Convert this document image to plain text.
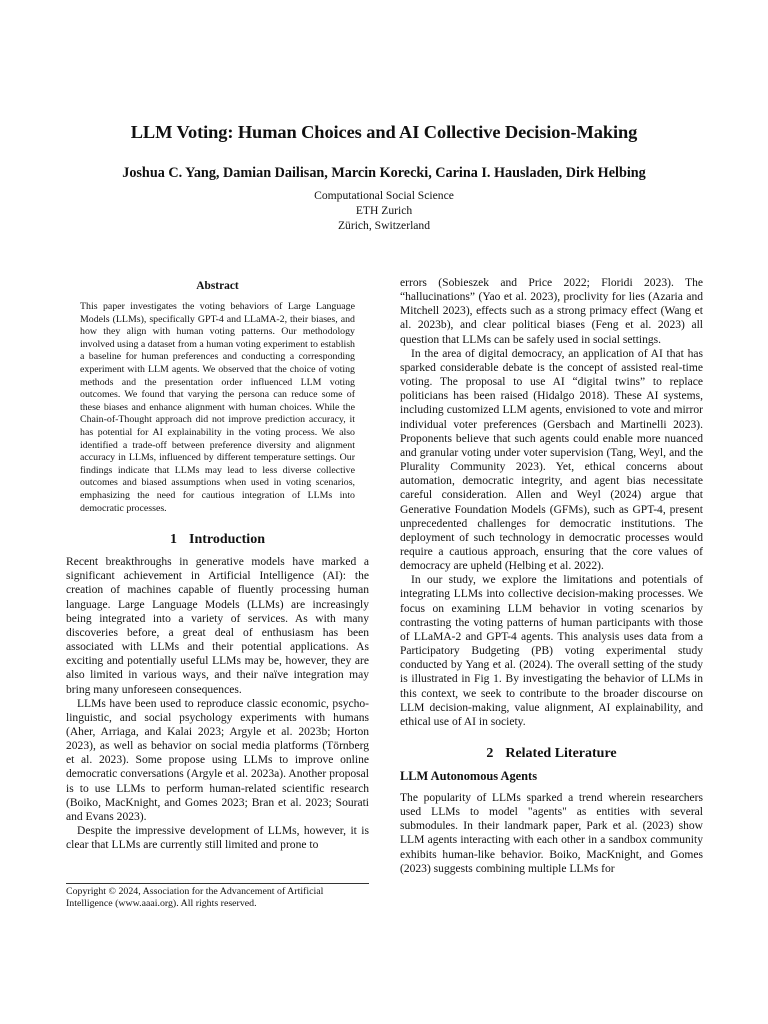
LLM Voting: Human Choices and AI Collective Decision-Making
Joshua C. Yang, Damian Dailisan, Marcin Korecki, Carina I. Hausladen, Dirk Helbing
Computational Social Science
ETH Zurich
Zürich, Switzerland
Abstract

This paper investigates the voting behaviors of Large Language Models (LLMs), specifically GPT-4 and LLaMA-2, their biases, and how they align with human voting patterns. Our methodology involved using a dataset from a human voting experiment to establish a baseline for human preferences and conducting a corresponding experiment with LLM agents. We observed that the choice of voting methods and the presentation order influenced LLM voting outcomes. We found that varying the persona can reduce some of these biases and enhance alignment with human choices. While the Chain-of-Thought approach did not improve prediction accuracy, it has potential for AI explainability in the voting process. We also identified a trade-off between preference diversity and alignment accuracy in LLMs, influenced by different temperature settings. Our findings indicate that LLMs may lead to less diverse collective outcomes and biased assumptions when used in voting scenarios, emphasizing the need for cautious integration of LLMs into democratic processes.

1 Introduction

Recent breakthroughs in generative models have marked a significant achievement in Artificial Intelligence (AI): the creation of machines capable of fluently processing human language. Large Language Models (LLMs) are increasingly being integrated into a variety of services. As with many discoveries before, a great deal of enthusiasm has been associated with LLMs and their potential applications. As exciting and potentially useful LLMs may be, however, they are also limited in various ways, and their naïve integration may bring many unforeseen consequences.

LLMs have been used to reproduce classic economic, psycho-linguistic, and social psychology experiments with humans (Aher, Arriaga, and Kalai 2023; Argyle et al. 2023b; Horton 2023), as well as behavior on social media platforms (Törnberg et al. 2023). Some propose using LLMs to improve online democratic conversations (Argyle et al. 2023a). Another proposal is to use LLMs to perform human-related scientific research (Boiko, MacKnight, and Gomes 2023; Bran et al. 2023; Sourati and Evans 2023).

Despite the impressive development of LLMs, however, it is clear that LLMs are currently still limited and prone to

Copyright © 2024, Association for the Advancement of Artificial Intelligence (www.aaai.org). All rights reserved.

errors (Sobieszek and Price 2022; Floridi 2023). The “hallucinations” (Yao et al. 2023), proclivity for lies (Azaria and Mitchell 2023), effects such as a strong primacy effect (Wang et al. 2023b), and clear political biases (Feng et al. 2023) all question that LLMs can be safely used in social settings.

In the area of digital democracy, an application of AI that has sparked considerable debate is the concept of assisted real-time voting. The proposal to use AI “digital twins” to replace politicians has been raised (Hidalgo 2018). These AI systems, including customized LLM agents, envisioned to vote and mirror individual voter preferences (Gersbach and Martinelli 2023). Proponents believe that such agents could enable more nuanced and granular voting under voter supervision (Tang, Weyl, and the Plurality Community 2023). Yet, ethical concerns about automation, democratic integrity, and agent bias necessitate careful consideration. Allen and Weyl (2024) argue that Generative Foundation Models (GFMs), such as GPT-4, present unprecedented challenges for democratic institutions. The deployment of such technology in democratic processes would require a cautious approach, ensuring that the core values of democracy are upheld (Helbing et al. 2022).

In our study, we explore the limitations and potentials of integrating LLMs into collective decision-making processes. We focus on examining LLM behavior in voting scenarios by contrasting the voting patterns of human participants with those of LLaMA-2 and GPT-4 agents. This analysis uses data from a Participatory Budgeting (PB) voting experimental study conducted by Yang et al. (2024). The overall setting of the study is illustrated in Fig 1. By investigating the behavior of LLMs in this context, we seek to contribute to the broader discourse on LLM decision-making, value alignment, AI explainability, and ethical use of AI in society.

2 Related Literature
LLM Autonomous Agents

The popularity of LLMs sparked a trend wherein researchers used LLMs to model "agents" as entities with several submodules. In their landmark paper, Park et al. (2023) show LLM agents interacting with each other in a sandbox community exhibits human-like behavior. Boiko, MacKnight, and Gomes (2023) suggests combining multiple LLMs for
